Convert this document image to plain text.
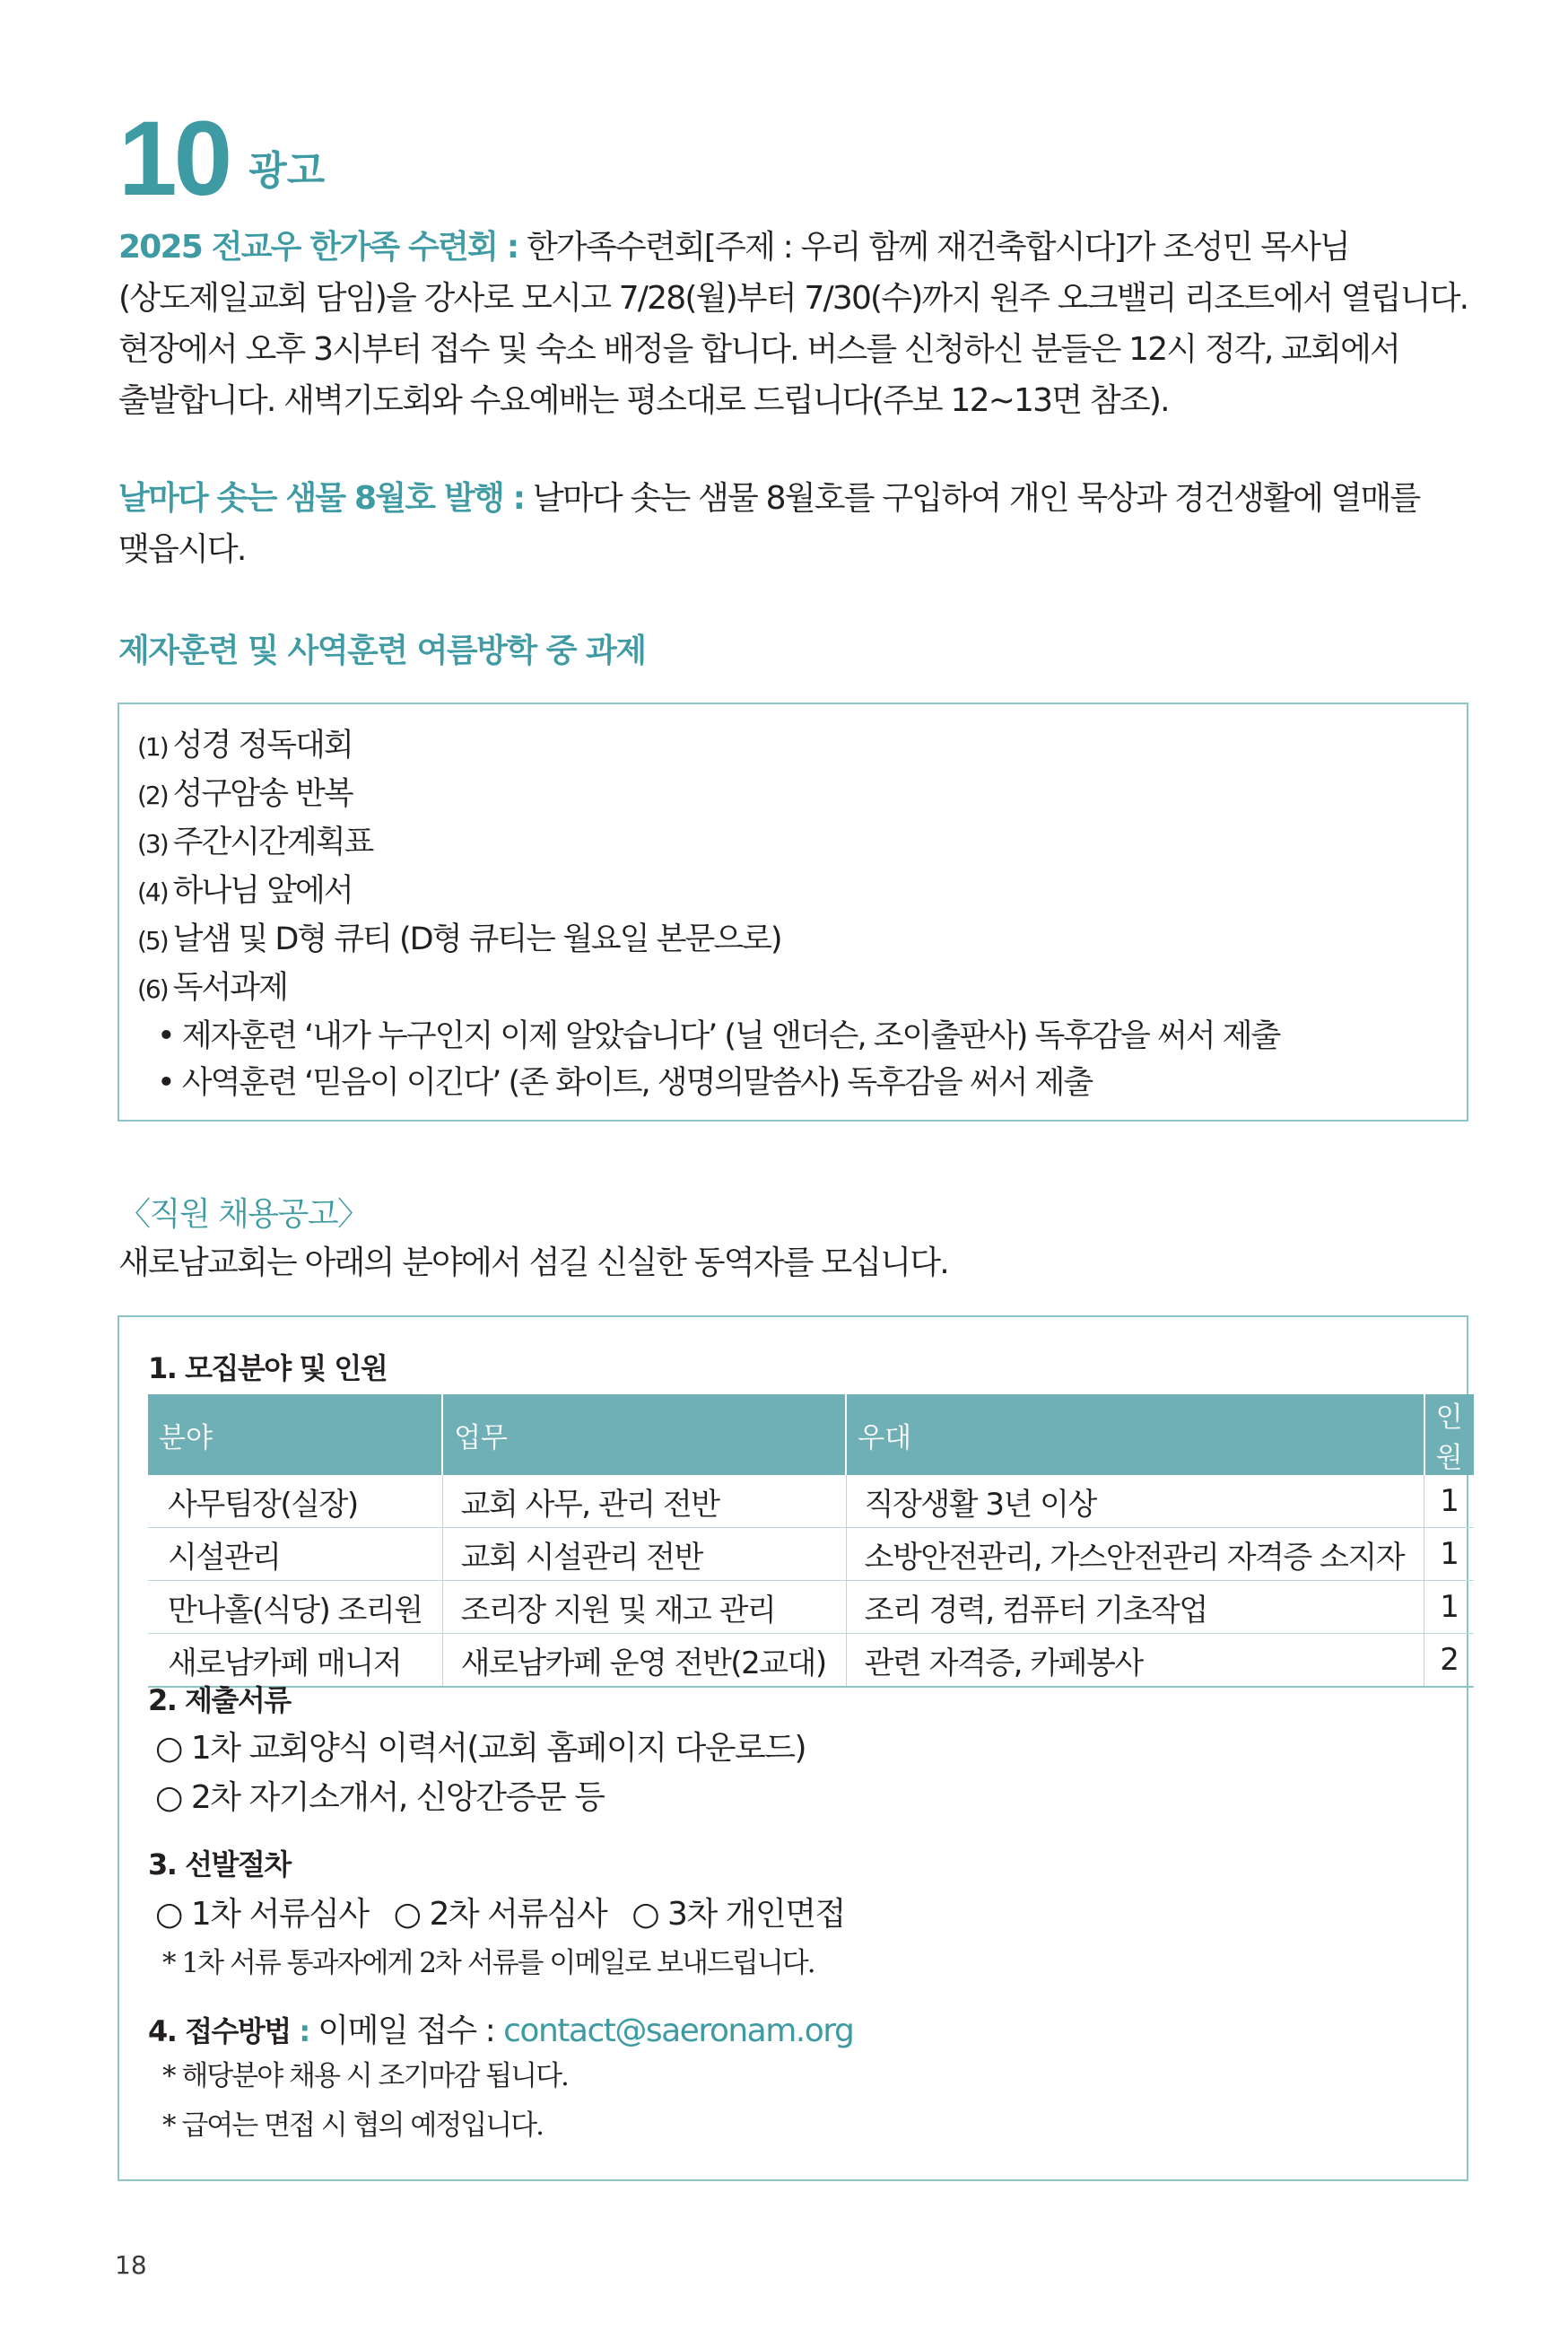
10 광고

2025 전교우 한가족 수련회 : 한가족수련회[주제 : 우리 함께 재건축합시다]가 조성민 목사님(상도제일교회 담임)을 강사로 모시고 7/28(월)부터 7/30(수)까지 원주 오크밸리 리조트에서 열립니다. 현장에서 오후 3시부터 접수 및 숙소 배정을 합니다. 버스를 신청하신 분들은 12시 정각, 교회에서 출발합니다. 새벽기도회와 수요예배는 평소대로 드립니다(주보 12~13면 참조).

날마다 솟는 샘물 8월호 발행 : 날마다 솟는 샘물 8월호를 구입하여 개인 묵상과 경건생활에 열매를 맺읍시다.

제자훈련 및 사역훈련 여름방학 중 과제
(1) 성경 정독대회
(2) 성구암송 반복
(3) 주간시간계획표
(4) 하나님 앞에서
(5) 날샘 및 D형 큐티 (D형 큐티는 월요일 본문으로)
(6) 독서과제
• 제자훈련 ‘내가 누구인지 이제 알았습니다’ (닐 앤더슨, 조이출판사) 독후감을 써서 제출
• 사역훈련 ‘믿음이 이긴다’ (존 화이트, 생명의말씀사) 독후감을 써서 제출
〈직원 채용공고〉
새로남교회는 아래의 분야에서 섬길 신실한 동역자를 모십니다.
1. 모집분야 및 인원
분야	업무	우대	인원
사무팀장(실장)	교회 사무, 관리 전반	직장생활 3년 이상	1
시설관리	교회 시설관리 전반	소방안전관리, 가스안전관리 자격증 소지자	1
만나홀(식당) 조리원	조리장 지원 및 재고 관리	조리 경력, 컴퓨터 기초작업	1
새로남카페 매니저	새로남카페 운영 전반(2교대)	관련 자격증, 카페봉사	2
2. 제출서류
○ 1차 교회양식 이력서(교회 홈페이지 다운로드)
○ 2차 자기소개서, 신앙간증문 등
3. 선발절차
○ 1차 서류심사 ○ 2차 서류심사 ○ 3차 개인면접
* 1차 서류 통과자에게 2차 서류를 이메일로 보내드립니다.
4. 접수방법 : 이메일 접수 : contact@saeronam.org
* 해당분야 채용 시 조기마감 됩니다.
* 급여는 면접 시 협의 예정입니다.
18
